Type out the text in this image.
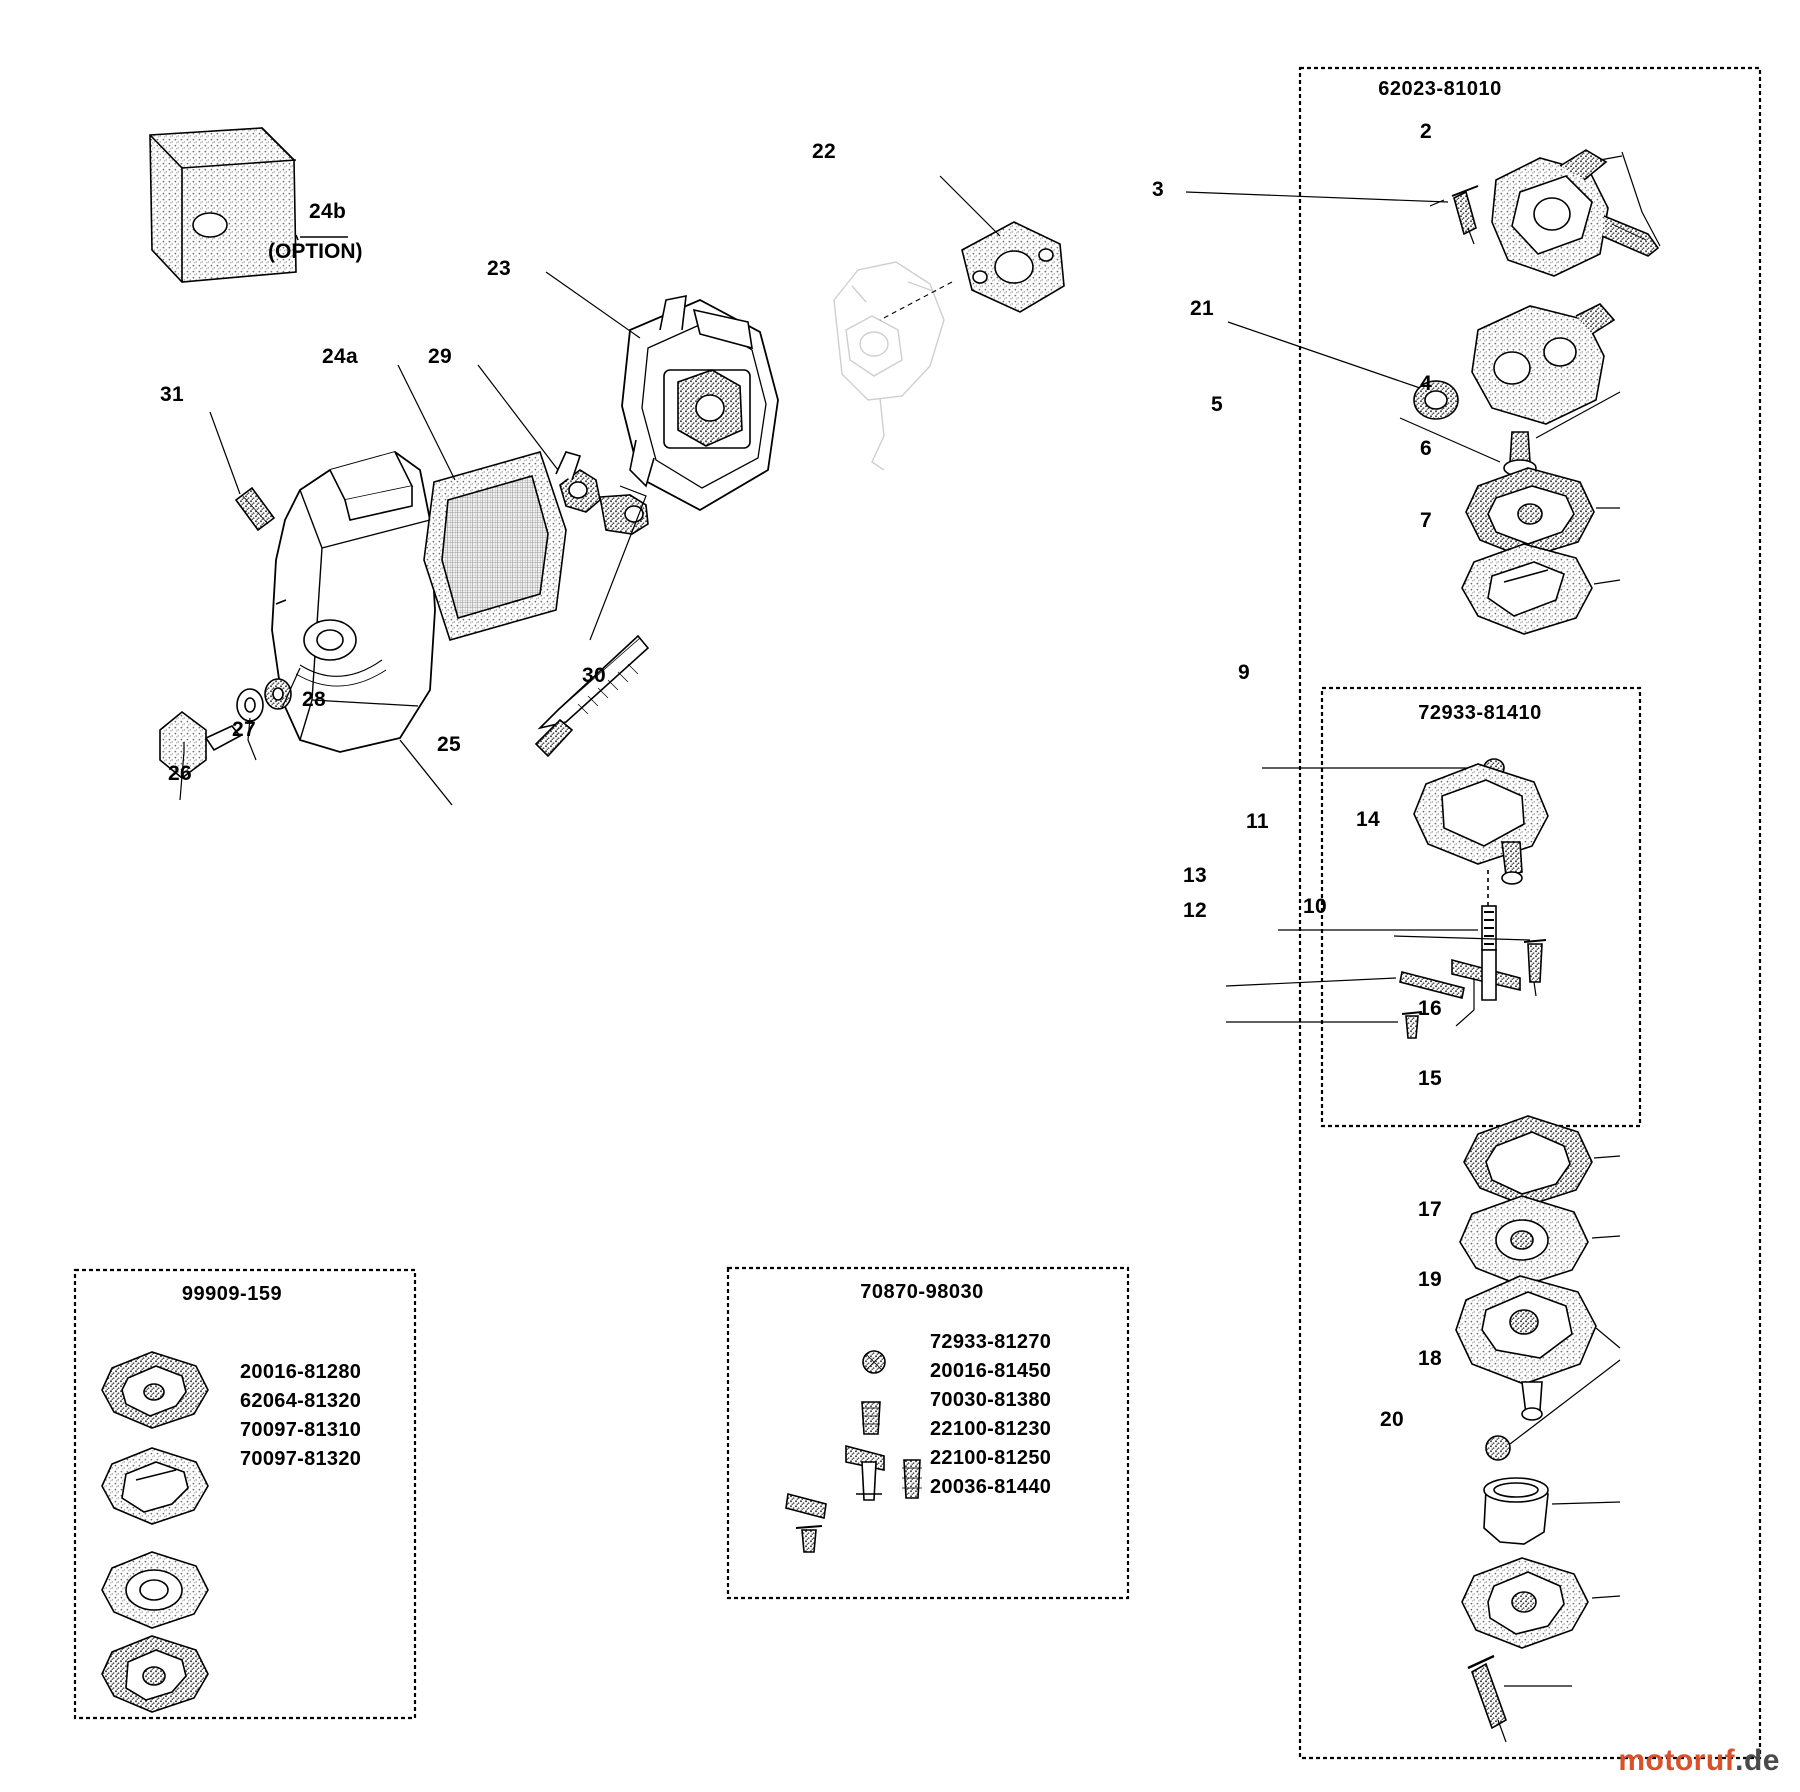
62023-81010
72933-81410
99909-159	70870-98030
20016-81280
62064-81320
70097-81310
70097-81320
72933-81270
20016-81450
70030-81380
22100-81230
22100-81250
20036-81440
22
23
24b
(OPTION)
24a	29
31
30
28
27
25
26
3
2
21
4
5
6
7
9
11	14
13
10
12
16
15
17
19
18
20
motoruf.de
